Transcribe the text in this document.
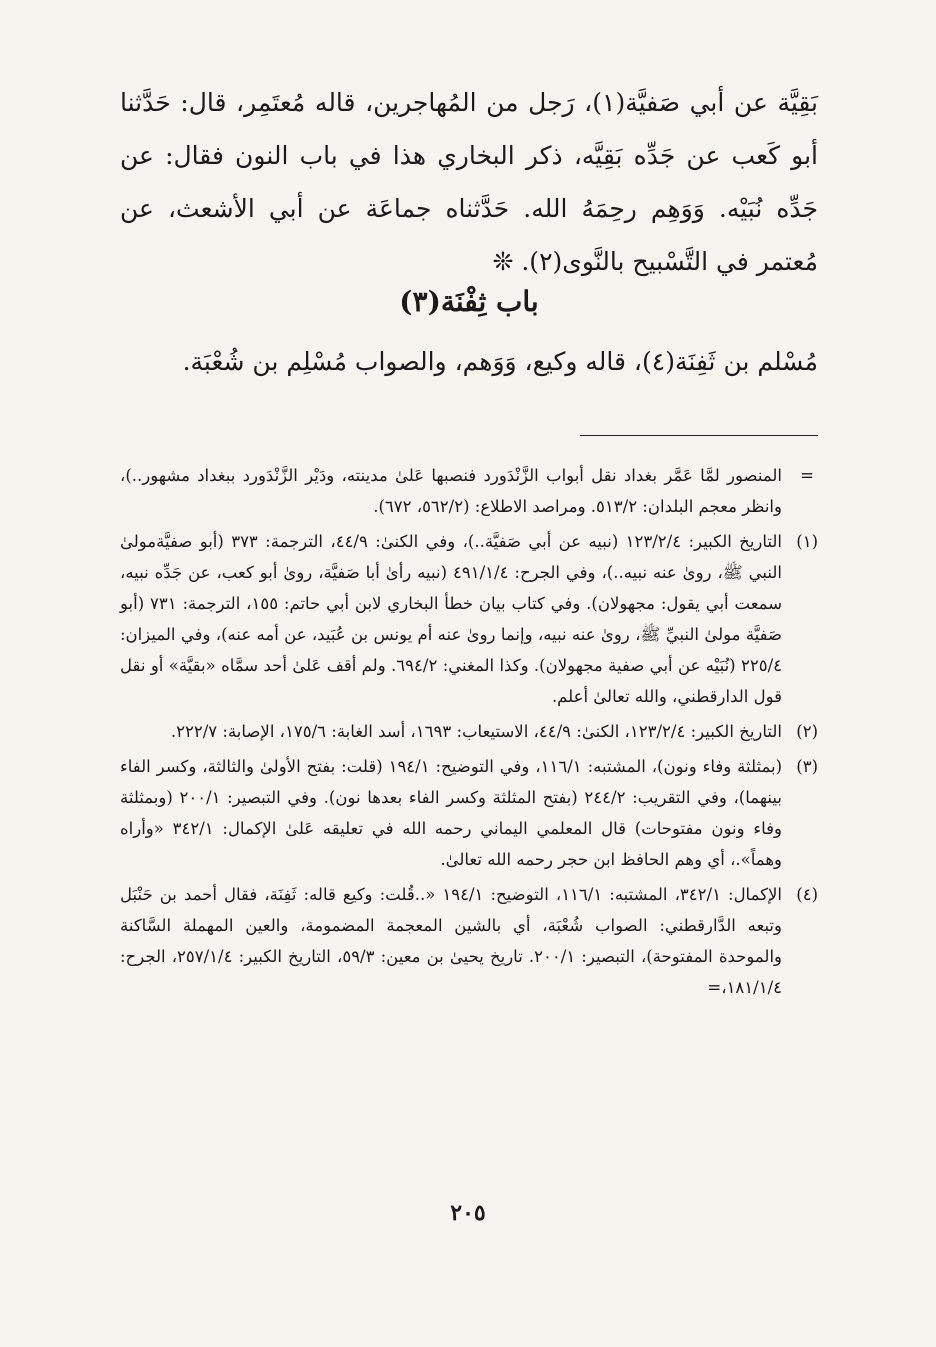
بَقِيَّة عن أبي صَفيَّة(١)، رَجل من المُهاجرين، قاله مُعتَمِر، قال: حَدَّثنا أبو كَعب عن جَدِّه بَقِيَّه، ذكر البخاري هذا في باب النون فقال: عن جَدِّه نُبَيْه. وَوَهِم رحِمَهُ الله. حَدَّثناه جماعَة عن أبي الأشعث، عن مُعتمر في التَّسْبيح بالنَّوى(٢). ❊

باب ثِفْنَة(٣)
مُسْلم بن ثَفِنَة(٤)، قاله وكيع، وَوَهم، والصواب مُسْلِم بن شُعْبَة.
=
المنصور لمَّا عَمَّر بغداد نقل أبواب الزَّنْدَورد فنصبها عَلىٰ مدينته، ودَيْر الزَّنْدَورد ببغداد مشهور..)، وانظر معجم البلدان: ٥١٣/٢. ومراصد الاطلاع: (٥٦٢/٢، ٦٧٢).
(١)
التاريخ الكبير: ١٢٣/٢/٤ (نبيه عن أبي صَفيَّة..)، وفي الكنىٰ: ٤٤/٩، الترجمة: ٣٧٣ (أبو صفيَّةمولىٰ النبي ﷺ، روىٰ عنه نبيه..)، وفي الجرح: ٤٩١/١/٤ (نبيه رأىٰ أبا صَفيَّة، روىٰ أبو كعب، عن جَدِّه نبيه، سمعت أبي يقول: مجهولان). وفي كتاب بيان خطأ البخاري لابن أبي حاتم: ١٥٥، الترجمة: ٧٣١ (أبو صَفيَّة مولىٰ النبيِّ ﷺ، روىٰ عنه نبيه، وإنما روىٰ عنه أم يونس بن عُبَيد، عن أمه عنه)، وفي الميزان: ٢٢٥/٤ (نُبَيْه عن أبي صفية مجهولان). وكذا المغني: ٦٩٤/٢. ولم أقف عَلىٰ أحد سمَّاه «بقيَّة» أو نقل قول الدارقطني، والله تعالىٰ أعلم.
(٢)
التاريخ الكبير: ١٢٣/٢/٤، الكنىٰ: ٤٤/٩، الاستيعاب: ١٦٩٣، أسد الغابة: ١٧٥/٦، الإصابة: ٢٢٢/٧.
(٣)
(بمثلثة وفاء ونون)، المشتبه: ١١٦/١، وفي التوضيح: ١٩٤/١ (قلت: بفتح الأولىٰ والثالثة، وكسر الفاء بينهما)، وفي التقريب: ٢٤٤/٢ (بفتح المثلثة وكسر الفاء بعدها نون). وفي التبصير: ٢٠٠/١ (وبمثلثة وفاء ونون مفتوحات) قال المعلمي اليماني رحمه الله في تعليقه عَلىٰ الإكمال: ٣٤٢/١ «وأراه وهماً».، أي وهم الحافظ ابن حجر رحمه الله تعالىٰ.
(٤)
الإكمال: ٣٤٢/١، المشتبه: ١١٦/١، التوضيح: ١٩٤/١ «..قُلت: وكيع قاله: ثَفِنَة، فقال أحمد بن حَنْبَل وتبعه الدَّارقطني: الصواب شُعْبَة، أي بالشين المعجمة المضمومة، والعين المهملة السَّاكنة والموحدة المفتوحة)، التبصير: ٢٠٠/١. تاريخ يحيىٰ بن معين: ٥٩/٣، التاريخ الكبير: ٢٥٧/١/٤، الجرح: ١٨١/١/٤،=
٢٠٥
